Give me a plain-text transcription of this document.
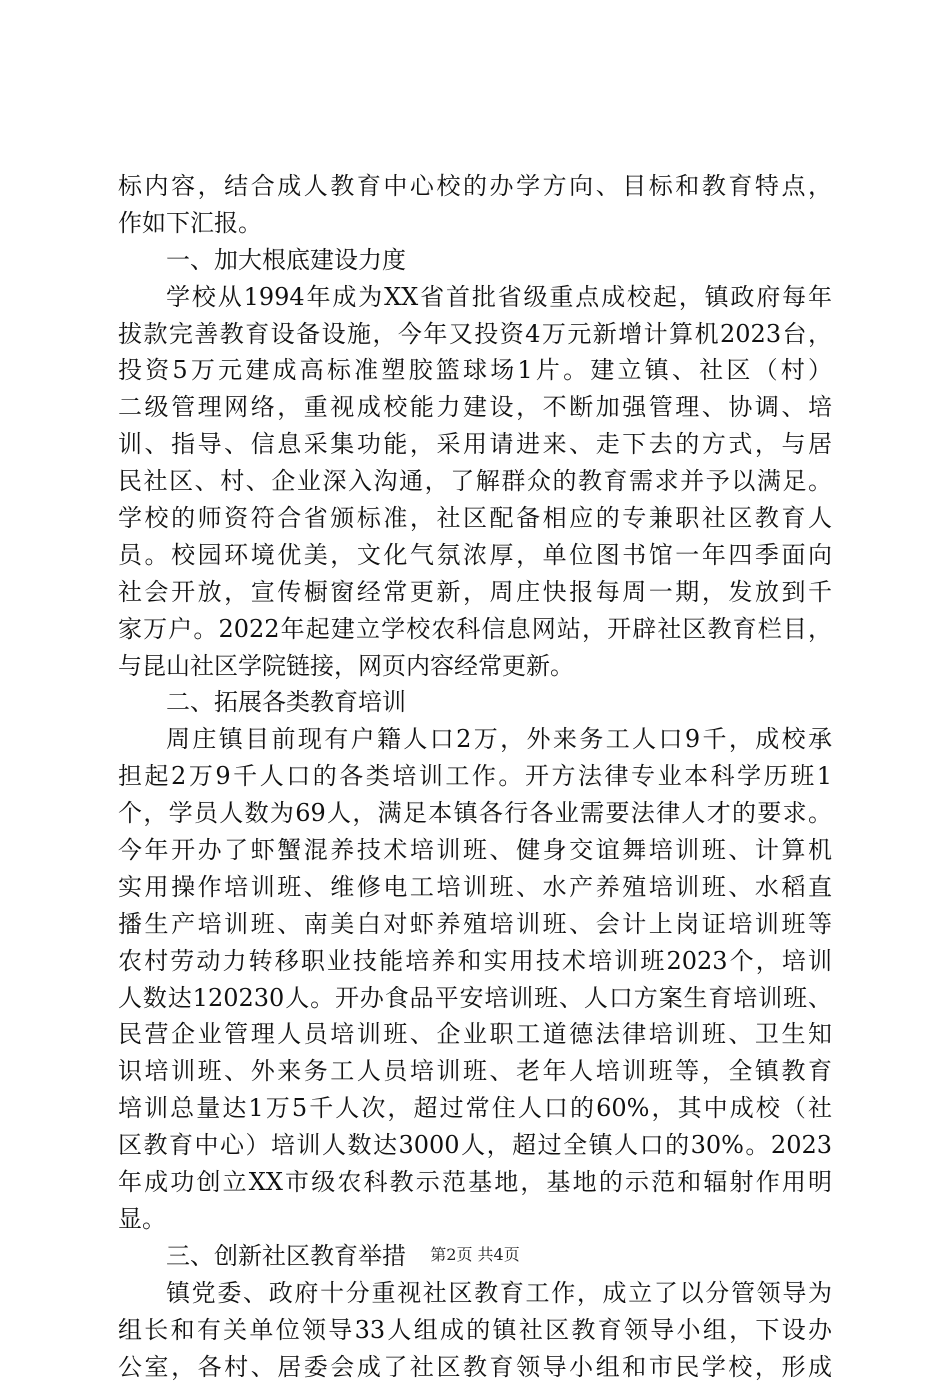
标内容，结合成人教育中心校的办学方向、目标和教育特点，
作如下汇报。
一、加大根底建设力度
学校从1994年成为XX省首批省级重点成校起，镇政府每年
拔款完善教育设备设施，今年又投资4万元新增计算机2023台，
投资5万元建成高标准塑胶篮球场1片。建立镇、社区（村）
二级管理网络，重视成校能力建设，不断加强管理、协调、培
训、指导、信息采集功能，采用请进来、走下去的方式，与居
民社区、村、企业深入沟通，了解群众的教育需求并予以满足。
学校的师资符合省颁标准，社区配备相应的专兼职社区教育人
员。校园环境优美，文化气氛浓厚，单位图书馆一年四季面向
社会开放，宣传橱窗经常更新，周庄快报每周一期，发放到千
家万户。2022年起建立学校农科信息网站，开辟社区教育栏目，
与昆山社区学院链接，网页内容经常更新。
二、拓展各类教育培训
周庄镇目前现有户籍人口2万，外来务工人口9千，成校承
担起2万9千人口的各类培训工作。开方法律专业本科学历班1
个，学员人数为69人，满足本镇各行各业需要法律人才的要求。
今年开办了虾蟹混养技术培训班、健身交谊舞培训班、计算机
实用操作培训班、维修电工培训班、水产养殖培训班、水稻直
播生产培训班、南美白对虾养殖培训班、会计上岗证培训班等
农村劳动力转移职业技能培养和实用技术培训班2023个，培训
人数达120230人。开办食品平安培训班、人口方案生育培训班、
民营企业管理人员培训班、企业职工道德法律培训班、卫生知
识培训班、外来务工人员培训班、老年人培训班等，全镇教育
培训总量达1万5千人次，超过常住人口的60%，其中成校（社
区教育中心）培训人数达3000人，超过全镇人口的30%。2023
年成功创立XX市级农科教示范基地，基地的示范和辐射作用明
显。
三、创新社区教育举措
镇党委、政府十分重视社区教育工作，成立了以分管领导为
组长和有关单位领导33人组成的镇社区教育领导小组，下设办
公室，各村、居委会成了社区教育领导小组和市民学校，形成
第2页 共4页
